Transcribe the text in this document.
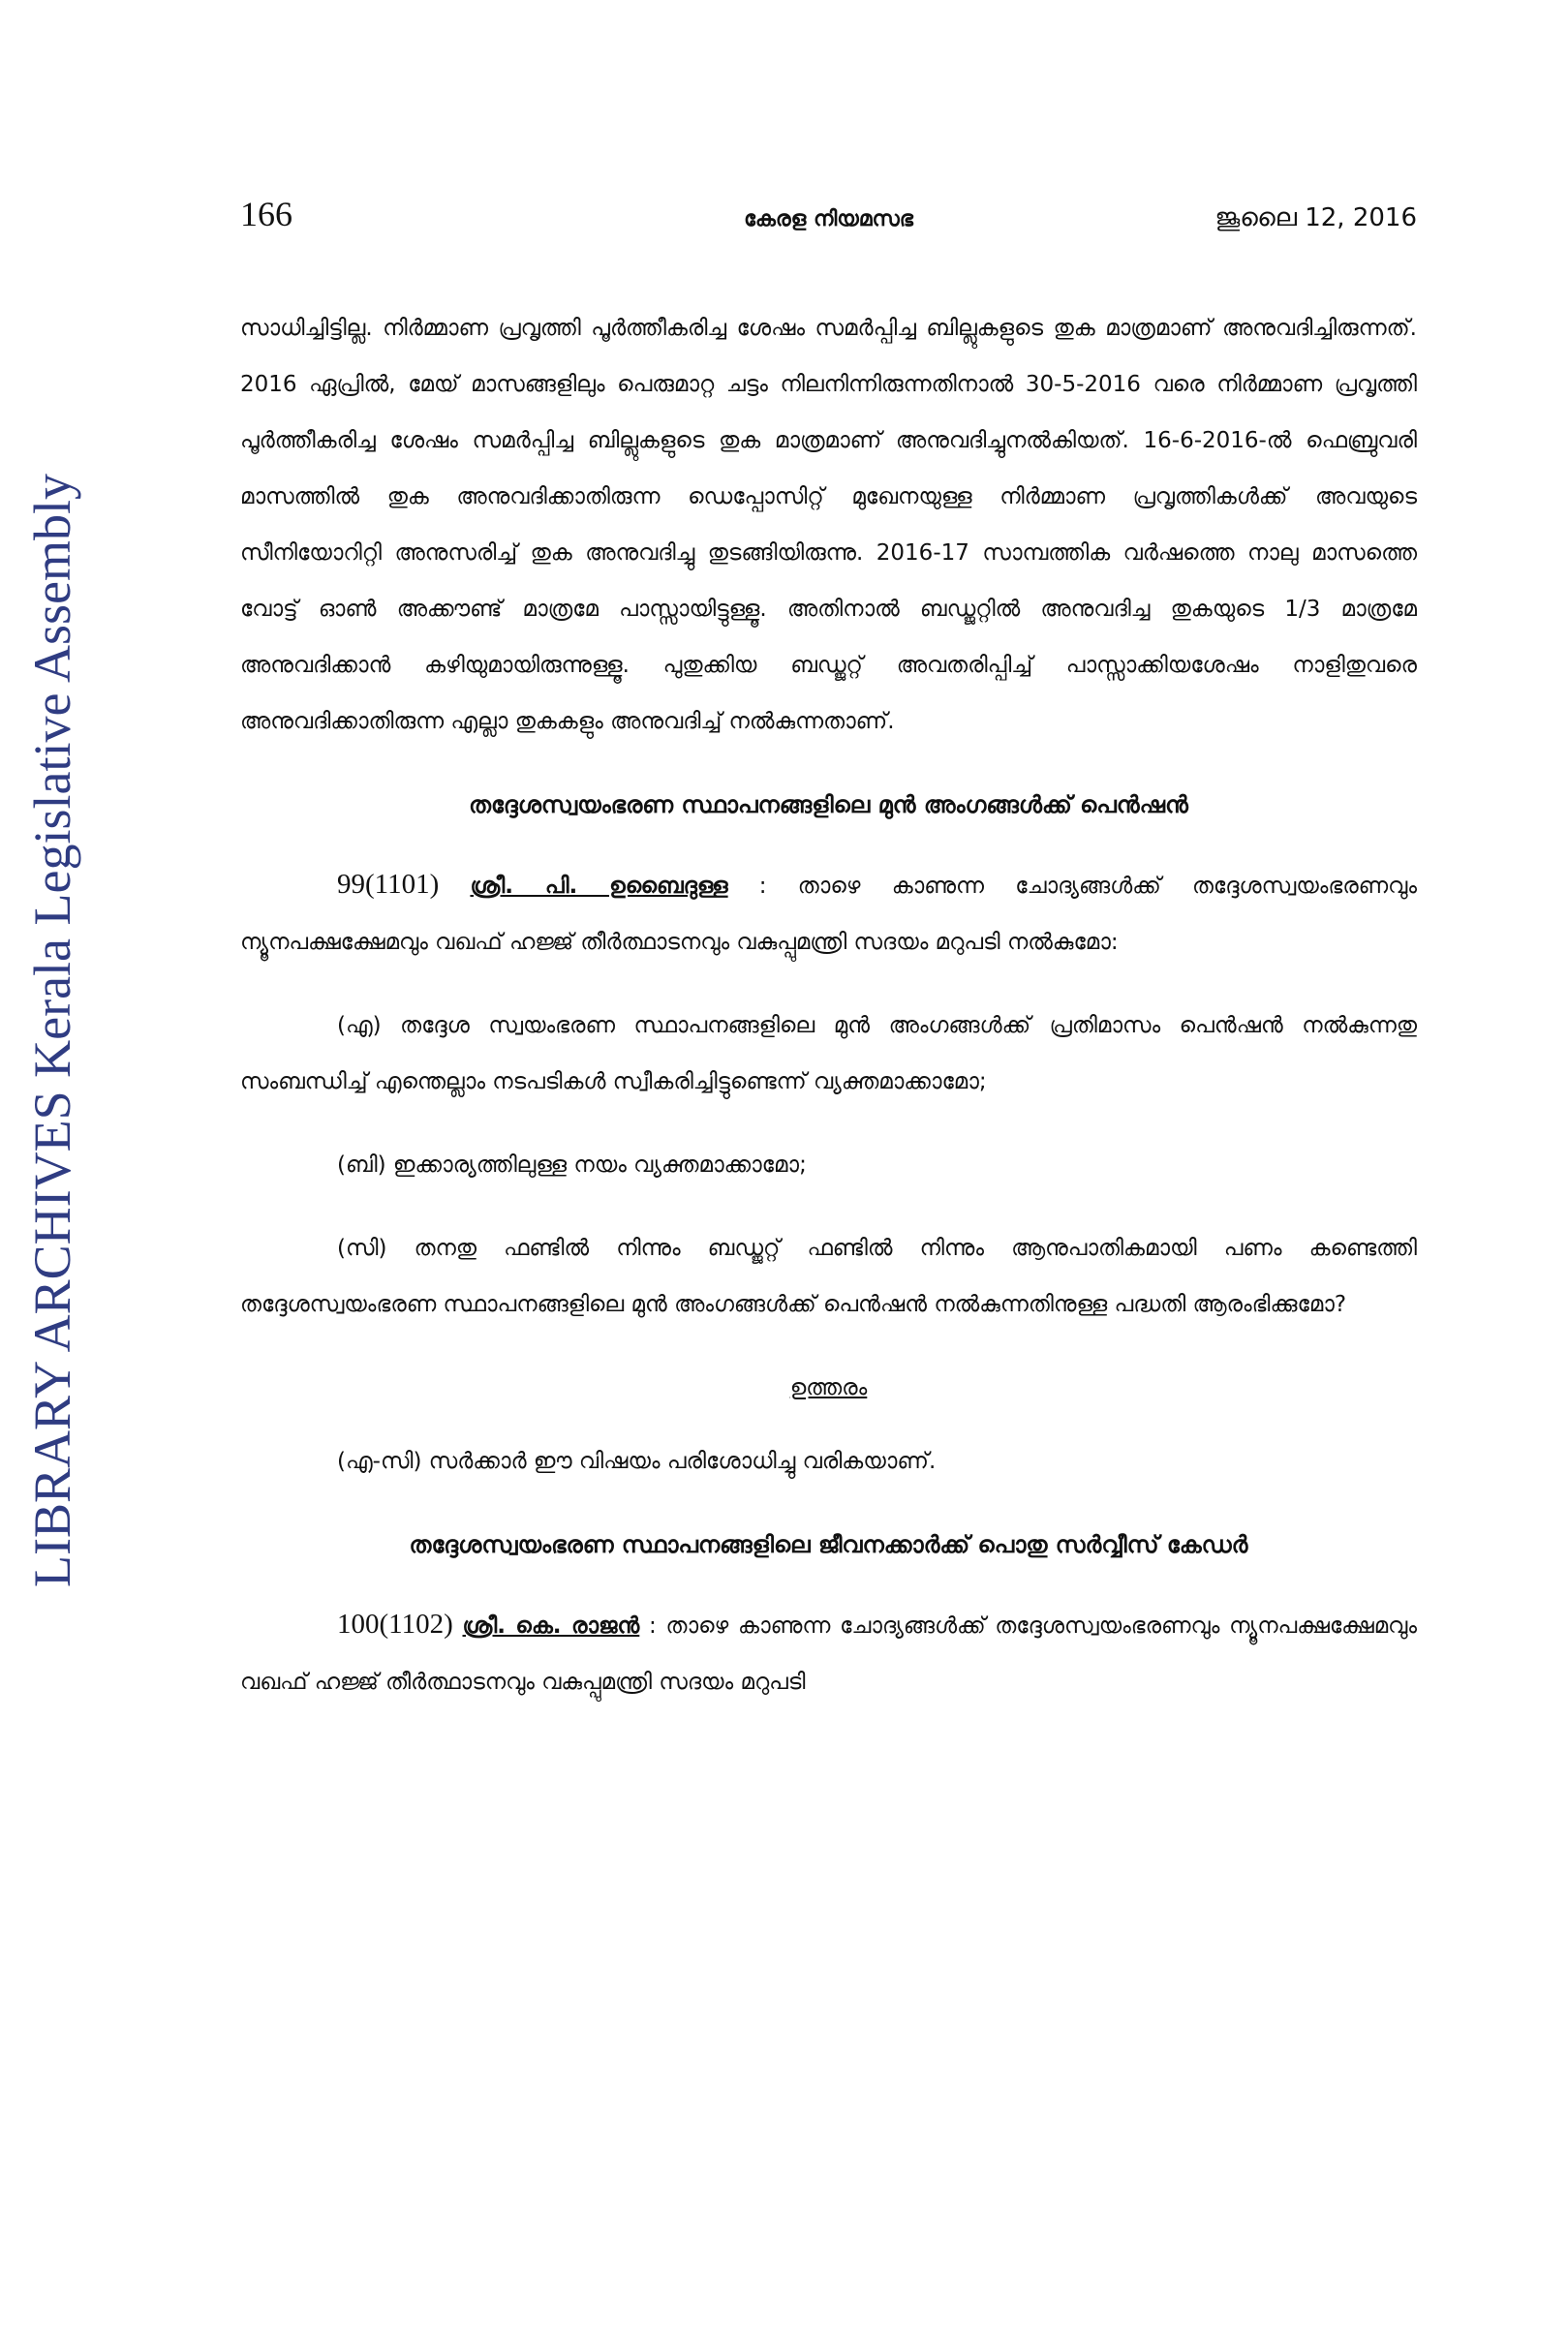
LIBRARY ARCHIVES Kerala Legislative Assembly
166	കേരള നിയമസഭ	ജൂലൈ 12, 2016

സാധിച്ചിട്ടില്ല. നിർമ്മാണ പ്രവൃത്തി പൂർത്തീകരിച്ച ശേഷം സമർപ്പിച്ച ബില്ലുകളുടെ തുക മാത്രമാണ് അനുവദിച്ചിരുന്നത്. 2016 ഏപ്രിൽ, മേയ് മാസങ്ങളിലും പെരുമാറ്റ ചട്ടം നിലനിന്നിരുന്നതിനാൽ 30-5-2016 വരെ നിർമ്മാണ പ്രവൃത്തി പൂർത്തീകരിച്ച ശേഷം സമർപ്പിച്ച ബില്ലുകളുടെ തുക മാത്രമാണ് അനുവദിച്ചുനൽകിയത്. 16-6-2016-ൽ ഫെബ്രുവരി മാസത്തിൽ തുക അനുവദിക്കാതിരുന്ന ഡെപ്പോസിറ്റ് മുഖേനയുള്ള നിർമ്മാണ പ്രവൃത്തികൾക്ക് അവയുടെ സീനിയോറിറ്റി അനുസരിച്ച് തുക അനുവദിച്ചു തുടങ്ങിയിരുന്നു. 2016-17 സാമ്പത്തിക വർഷത്തെ നാലു മാസത്തെ വോട്ട് ഓൺ അക്കൗണ്ട് മാത്രമേ പാസ്സായിട്ടുള്ളൂ. അതിനാൽ ബഡ്ജറ്റിൽ അനുവദിച്ച തുകയുടെ 1/3 മാത്രമേ അനുവദിക്കാൻ കഴിയുമായിരുന്നുള്ളൂ. പുതുക്കിയ ബഡ്ജറ്റ് അവതരിപ്പിച്ച് പാസ്സാക്കിയശേഷം നാളിതുവരെ അനുവദിക്കാതിരുന്ന എല്ലാ തുകകളും അനുവദിച്ച് നൽകുന്നതാണ്.

തദ്ദേശസ്വയംഭരണ സ്ഥാപനങ്ങളിലെ മുൻ അംഗങ്ങൾക്ക് പെൻഷൻ

99(1101) ശ്രീ. പി. ഉബൈദുള്ള : താഴെ കാണുന്ന ചോദ്യങ്ങൾക്ക് തദ്ദേശസ്വയംഭരണവും ന്യൂനപക്ഷക്ഷേമവും വഖഫ് ഹജ്ജ് തീർത്ഥാടനവും വകുപ്പുമന്ത്രി സദയം മറുപടി നൽകുമോ:

(എ) തദ്ദേശ സ്വയംഭരണ സ്ഥാപനങ്ങളിലെ മുൻ അംഗങ്ങൾക്ക് പ്രതിമാസം പെൻഷൻ നൽകുന്നതു സംബന്ധിച്ച് എന്തെല്ലാം നടപടികൾ സ്വീകരിച്ചിട്ടുണ്ടെന്ന് വ്യക്തമാക്കാമോ;

(ബി) ഇക്കാര്യത്തിലുള്ള നയം വ്യക്തമാക്കാമോ;

(സി) തനതു ഫണ്ടിൽ നിന്നും ബഡ്ജറ്റ് ഫണ്ടിൽ നിന്നും ആനുപാതികമായി പണം കണ്ടെത്തി തദ്ദേശസ്വയംഭരണ സ്ഥാപനങ്ങളിലെ മുൻ അംഗങ്ങൾക്ക് പെൻഷൻ നൽകുന്നതിനുള്ള പദ്ധതി ആരംഭിക്കുമോ?

ഉത്തരം

(എ-സി) സർക്കാർ ഈ വിഷയം പരിശോധിച്ചു വരികയാണ്.

തദ്ദേശസ്വയംഭരണ സ്ഥാപനങ്ങളിലെ ജീവനക്കാർക്ക് പൊതു സർവ്വീസ് കേഡർ

100(1102) ശ്രീ. കെ. രാജൻ : താഴെ കാണുന്ന ചോദ്യങ്ങൾക്ക് തദ്ദേശസ്വയംഭരണവും ന്യൂനപക്ഷക്ഷേമവും വഖഫ് ഹജ്ജ് തീർത്ഥാടനവും വകുപ്പുമന്ത്രി സദയം മറുപടി
